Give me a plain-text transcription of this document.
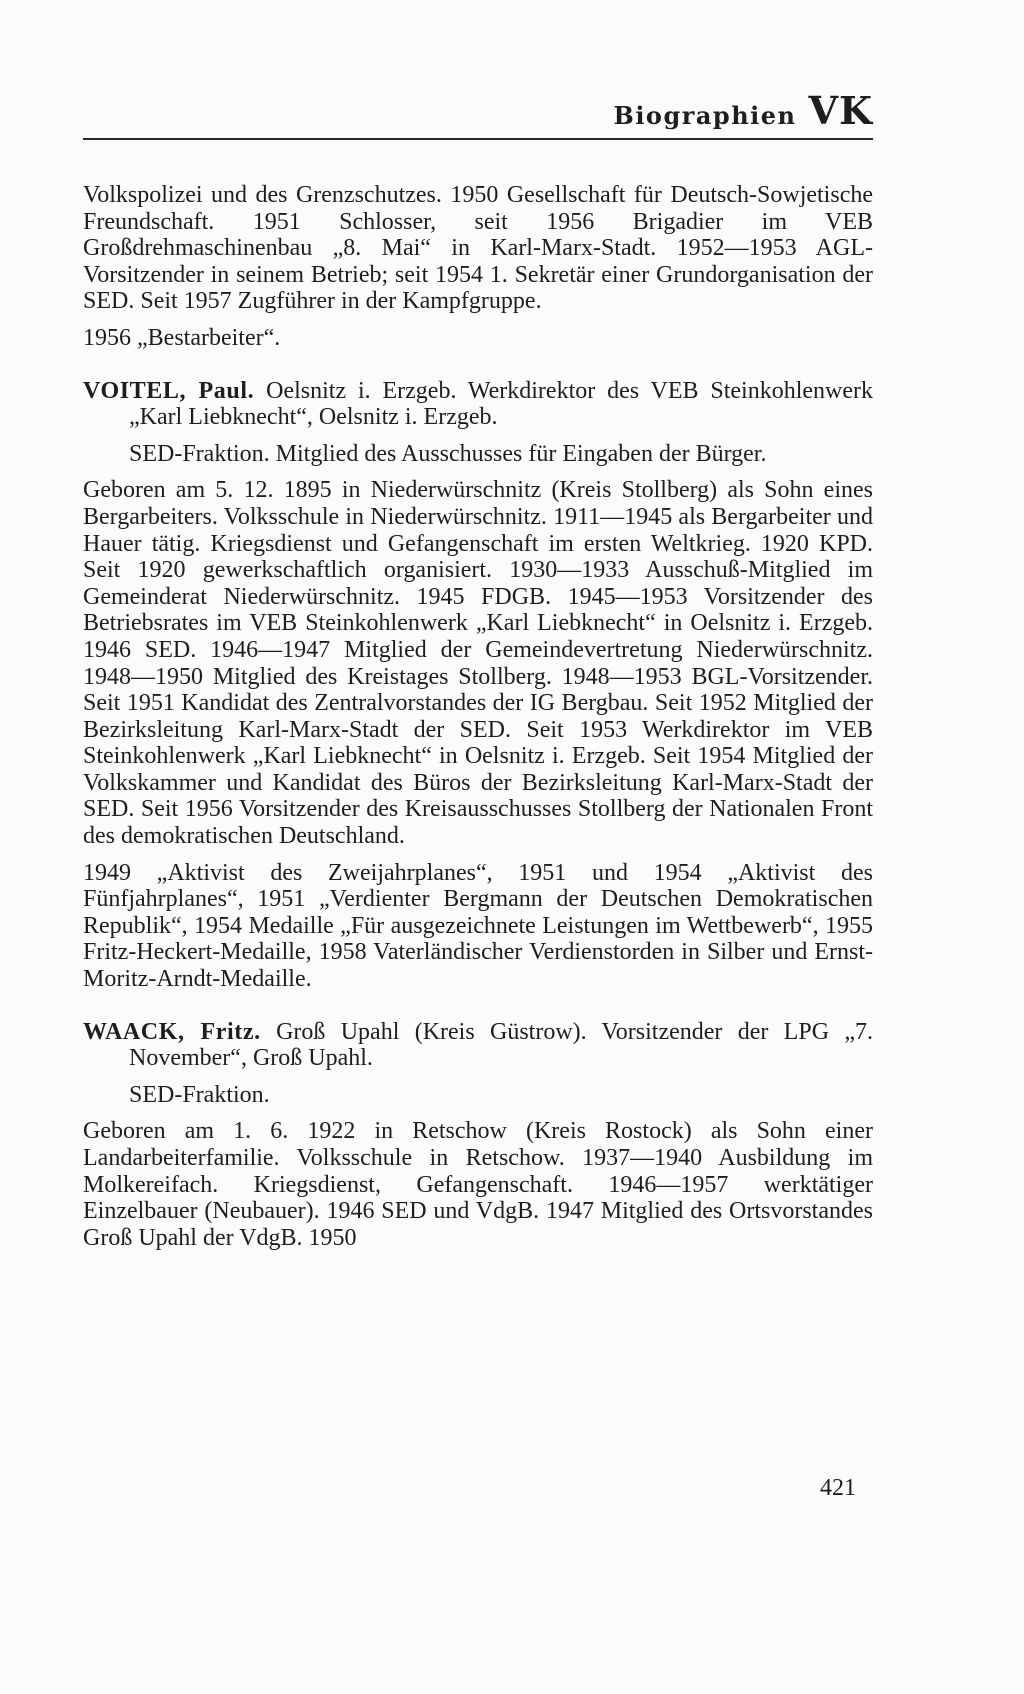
Biographien VK

Volkspolizei und des Grenzschutzes. 1950 Gesellschaft für Deutsch-Sowjetische Freundschaft. 1951 Schlosser, seit 1956 Brigadier im VEB Großdrehmaschinenbau „8. Mai“ in Karl-Marx-Stadt. 1952—1953 AGL-Vorsitzender in seinem Betrieb; seit 1954 1. Sekretär einer Grundorganisation der SED. Seit 1957 Zugführer in der Kampfgruppe.

1956 „Bestarbeiter“.

VOITEL, Paul. Oelsnitz i. Erzgeb. Werkdirektor des VEB Steinkohlenwerk „Karl Liebknecht“, Oelsnitz i. Erzgeb.

SED-Fraktion. Mitglied des Ausschusses für Eingaben der Bürger.

Geboren am 5. 12. 1895 in Niederwürschnitz (Kreis Stollberg) als Sohn eines Bergarbeiters. Volksschule in Niederwürschnitz. 1911—1945 als Bergarbeiter und Hauer tätig. Kriegsdienst und Gefangenschaft im ersten Weltkrieg. 1920 KPD. Seit 1920 gewerkschaftlich organisiert. 1930—1933 Ausschuß-Mitglied im Gemeinderat Niederwürschnitz. 1945 FDGB. 1945—1953 Vorsitzender des Betriebsrates im VEB Steinkohlenwerk „Karl Liebknecht“ in Oelsnitz i. Erzgeb. 1946 SED. 1946—1947 Mitglied der Gemeindevertretung Niederwürschnitz. 1948—1950 Mitglied des Kreistages Stollberg. 1948—1953 BGL-Vorsitzender. Seit 1951 Kandidat des Zentralvorstandes der IG Bergbau. Seit 1952 Mitglied der Bezirksleitung Karl-Marx-Stadt der SED. Seit 1953 Werkdirektor im VEB Steinkohlenwerk „Karl Liebknecht“ in Oelsnitz i. Erzgeb. Seit 1954 Mitglied der Volkskammer und Kandidat des Büros der Bezirksleitung Karl-Marx-Stadt der SED. Seit 1956 Vorsitzender des Kreisausschusses Stollberg der Nationalen Front des demokratischen Deutschland.

1949 „Aktivist des Zweijahrplanes“, 1951 und 1954 „Aktivist des Fünfjahrplanes“, 1951 „Verdienter Bergmann der Deutschen Demokratischen Republik“, 1954 Medaille „Für ausgezeichnete Leistungen im Wettbewerb“, 1955 Fritz-Heckert-Medaille, 1958 Vaterländischer Verdienstorden in Silber und Ernst-Moritz-Arndt-Medaille.

WAACK, Fritz. Groß Upahl (Kreis Güstrow). Vorsitzender der LPG „7. November“, Groß Upahl.

SED-Fraktion.

Geboren am 1. 6. 1922 in Retschow (Kreis Rostock) als Sohn einer Landarbeiterfamilie. Volksschule in Retschow. 1937—1940 Ausbildung im Molkereifach. Kriegsdienst, Gefangenschaft. 1946—1957 werktätiger Einzelbauer (Neubauer). 1946 SED und VdgB. 1947 Mitglied des Ortsvorstandes Groß Upahl der VdgB. 1950

421
